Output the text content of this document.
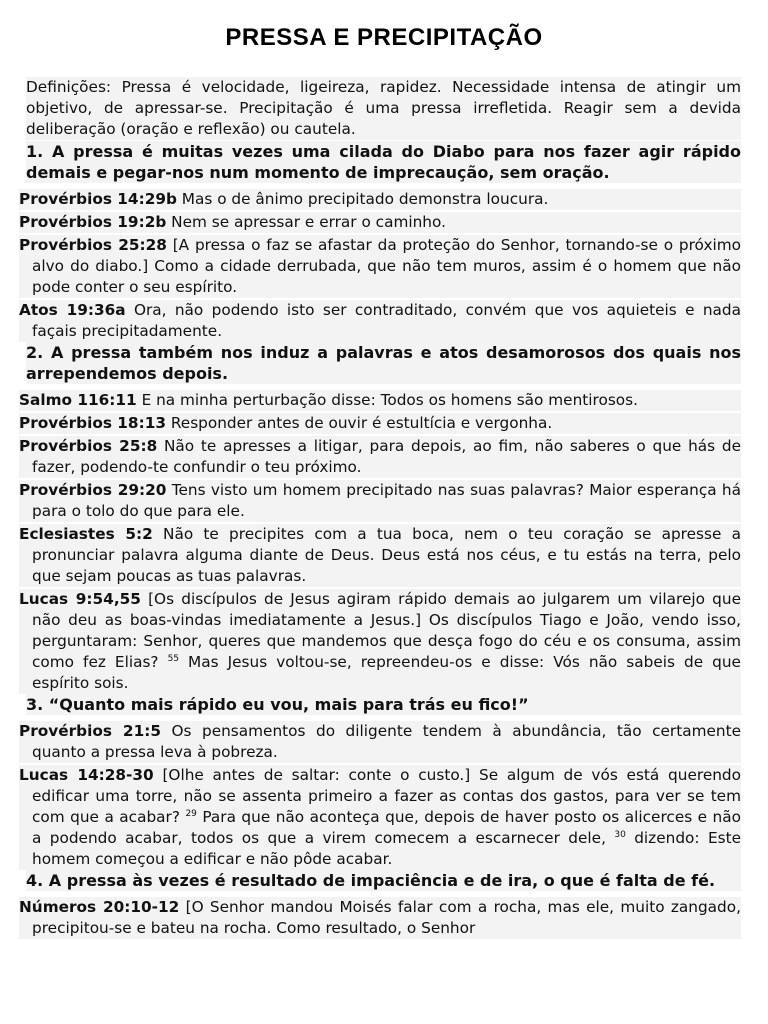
PRESSA E PRECIPITAÇÃO
Definições: Pressa é velocidade, ligeireza, rapidez. Necessidade intensa de atingir um objetivo, de apressar-se. Precipitação é uma pressa irrefletida. Reagir sem a devida deliberação (oração e reflexão) ou cautela.
1. A pressa é muitas vezes uma cilada do Diabo para nos fazer agir rápido demais e pegar-nos num momento de imprecaução, sem oração.
Provérbios 14:29b Mas o de ânimo precipitado demonstra loucura.
Provérbios 19:2b Nem se apressar e errar o caminho.
Provérbios 25:28 [A pressa o faz se afastar da proteção do Senhor, tornando-se o próximo alvo do diabo.] Como a cidade derrubada, que não tem muros, assim é o homem que não pode conter o seu espírito.
Atos 19:36a Ora, não podendo isto ser contraditado, convém que vos aquieteis e nada façais precipitadamente.
2. A pressa também nos induz a palavras e atos desamorosos dos quais nos arrependemos depois.
Salmo 116:11 E na minha perturbação disse: Todos os homens são mentirosos.
Provérbios 18:13 Responder antes de ouvir é estultícia e vergonha.
Provérbios 25:8 Não te apresses a litigar, para depois, ao fim, não saberes o que hás de fazer, podendo-te confundir o teu próximo.
Provérbios 29:20 Tens visto um homem precipitado nas suas palavras? Maior esperança há para o tolo do que para ele.
Eclesiastes 5:2 Não te precipites com a tua boca, nem o teu coração se apresse a pronunciar palavra alguma diante de Deus. Deus está nos céus, e tu estás na terra, pelo que sejam poucas as tuas palavras.
Lucas 9:54,55 [Os discípulos de Jesus agiram rápido demais ao julgarem um vilarejo que não deu as boas-vindas imediatamente a Jesus.] Os discípulos Tiago e João, vendo isso, perguntaram: Senhor, queres que mandemos que desça fogo do céu e os consuma, assim como fez Elias? $^{55}$ Mas Jesus voltou-se, repreendeu-os e disse: Vós não sabeis de que espírito sois.
3. “Quanto mais rápido eu vou, mais para trás eu fico!”
Provérbios 21:5 Os pensamentos do diligente tendem à abundância, tão certamente quanto a pressa leva à pobreza.
Lucas 14:28-30 [Olhe antes de saltar: conte o custo.] Se algum de vós está querendo edificar uma torre, não se assenta primeiro a fazer as contas dos gastos, para ver se tem com que a acabar? $^{29}$ Para que não aconteça que, depois de haver posto os alicerces e não a podendo acabar, todos os que a virem comecem a escarnecer dele, $^{30}$ dizendo: Este homem começou a edificar e não pôde acabar.
4. A pressa às vezes é resultado de impaciência e de ira, o que é falta de fé.
Números 20:10-12 [O Senhor mandou Moisés falar com a rocha, mas ele, muito zangado, precipitou-se e bateu na rocha. Como resultado, o Senhor
